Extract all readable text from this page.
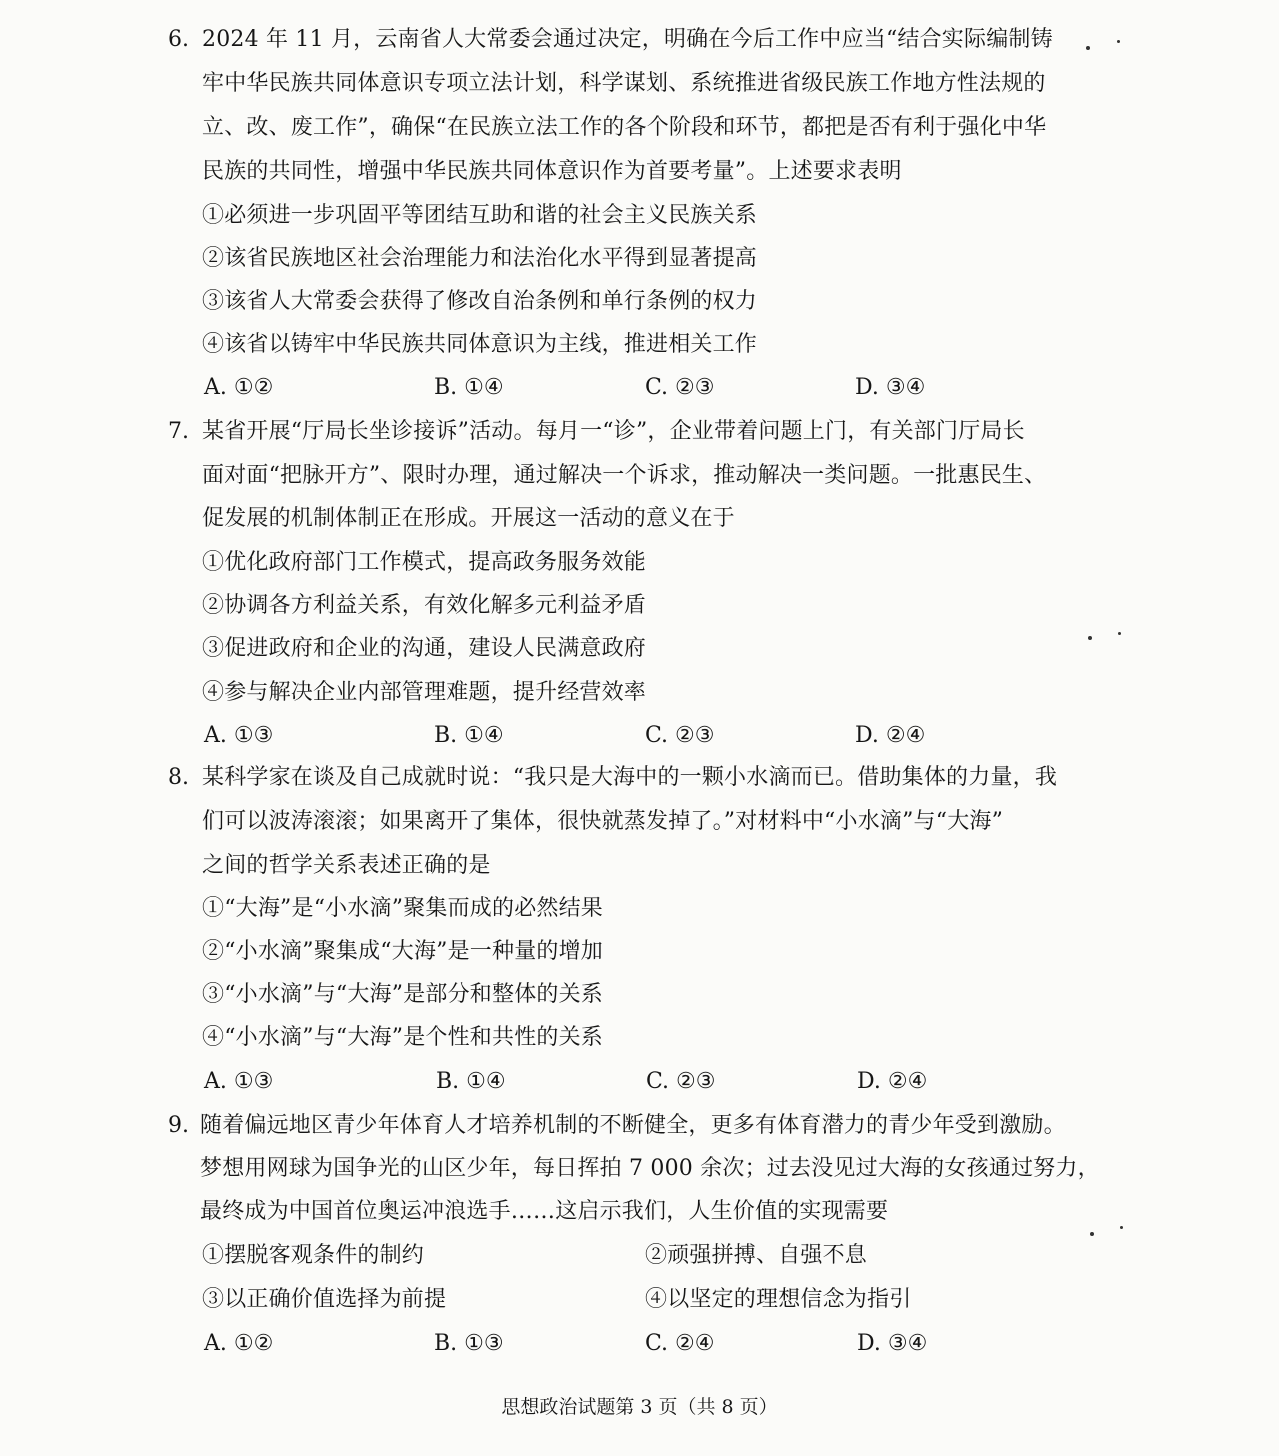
6. 2024 年 11 月，云南省人大常委会通过决定，明确在今后工作中应当“结合实际编制铸
牢中华民族共同体意识专项立法计划，科学谋划、系统推进省级民族工作地方性法规的
立、改、废工作”，确保“在民族立法工作的各个阶段和环节，都把是否有利于强化中华
民族的共同性，增强中华民族共同体意识作为首要考量”。上述要求表明
①必须进一步巩固平等团结互助和谐的社会主义民族关系
②该省民族地区社会治理能力和法治化水平得到显著提高
③该省人大常委会获得了修改自治条例和单行条例的权力
④该省以铸牢中华民族共同体意识为主线，推进相关工作
A. ①②	B. ①④	C. ②③	D. ③④
7. 某省开展“厅局长坐诊接诉”活动。每月一“诊”，企业带着问题上门，有关部门厅局长
面对面“把脉开方”、限时办理，通过解决一个诉求，推动解决一类问题。一批惠民生、
促发展的机制体制正在形成。开展这一活动的意义在于
①优化政府部门工作模式，提高政务服务效能
②协调各方利益关系，有效化解多元利益矛盾
③促进政府和企业的沟通，建设人民满意政府
④参与解决企业内部管理难题，提升经营效率
A. ①③	B. ①④	C. ②③	D. ②④
8. 某科学家在谈及自己成就时说：“我只是大海中的一颗小水滴而已。借助集体的力量，我
们可以波涛滚滚；如果离开了集体，很快就蒸发掉了。”对材料中“小水滴”与“大海”
之间的哲学关系表述正确的是
①“大海”是“小水滴”聚集而成的必然结果
②“小水滴”聚集成“大海”是一种量的增加
③“小水滴”与“大海”是部分和整体的关系
④“小水滴”与“大海”是个性和共性的关系
A. ①③	B. ①④	C. ②③	D. ②④
9. 随着偏远地区青少年体育人才培养机制的不断健全，更多有体育潜力的青少年受到激励。
梦想用网球为国争光的山区少年，每日挥拍 7 000 余次；过去没见过大海的女孩通过努力，
最终成为中国首位奥运冲浪选手……这启示我们，人生价值的实现需要
①摆脱客观条件的制约	②顽强拼搏、自强不息
③以正确价值选择为前提	④以坚定的理想信念为指引
A. ①②	B. ①③	C. ②④	D. ③④
思想政治试题第 3 页（共 8 页）
